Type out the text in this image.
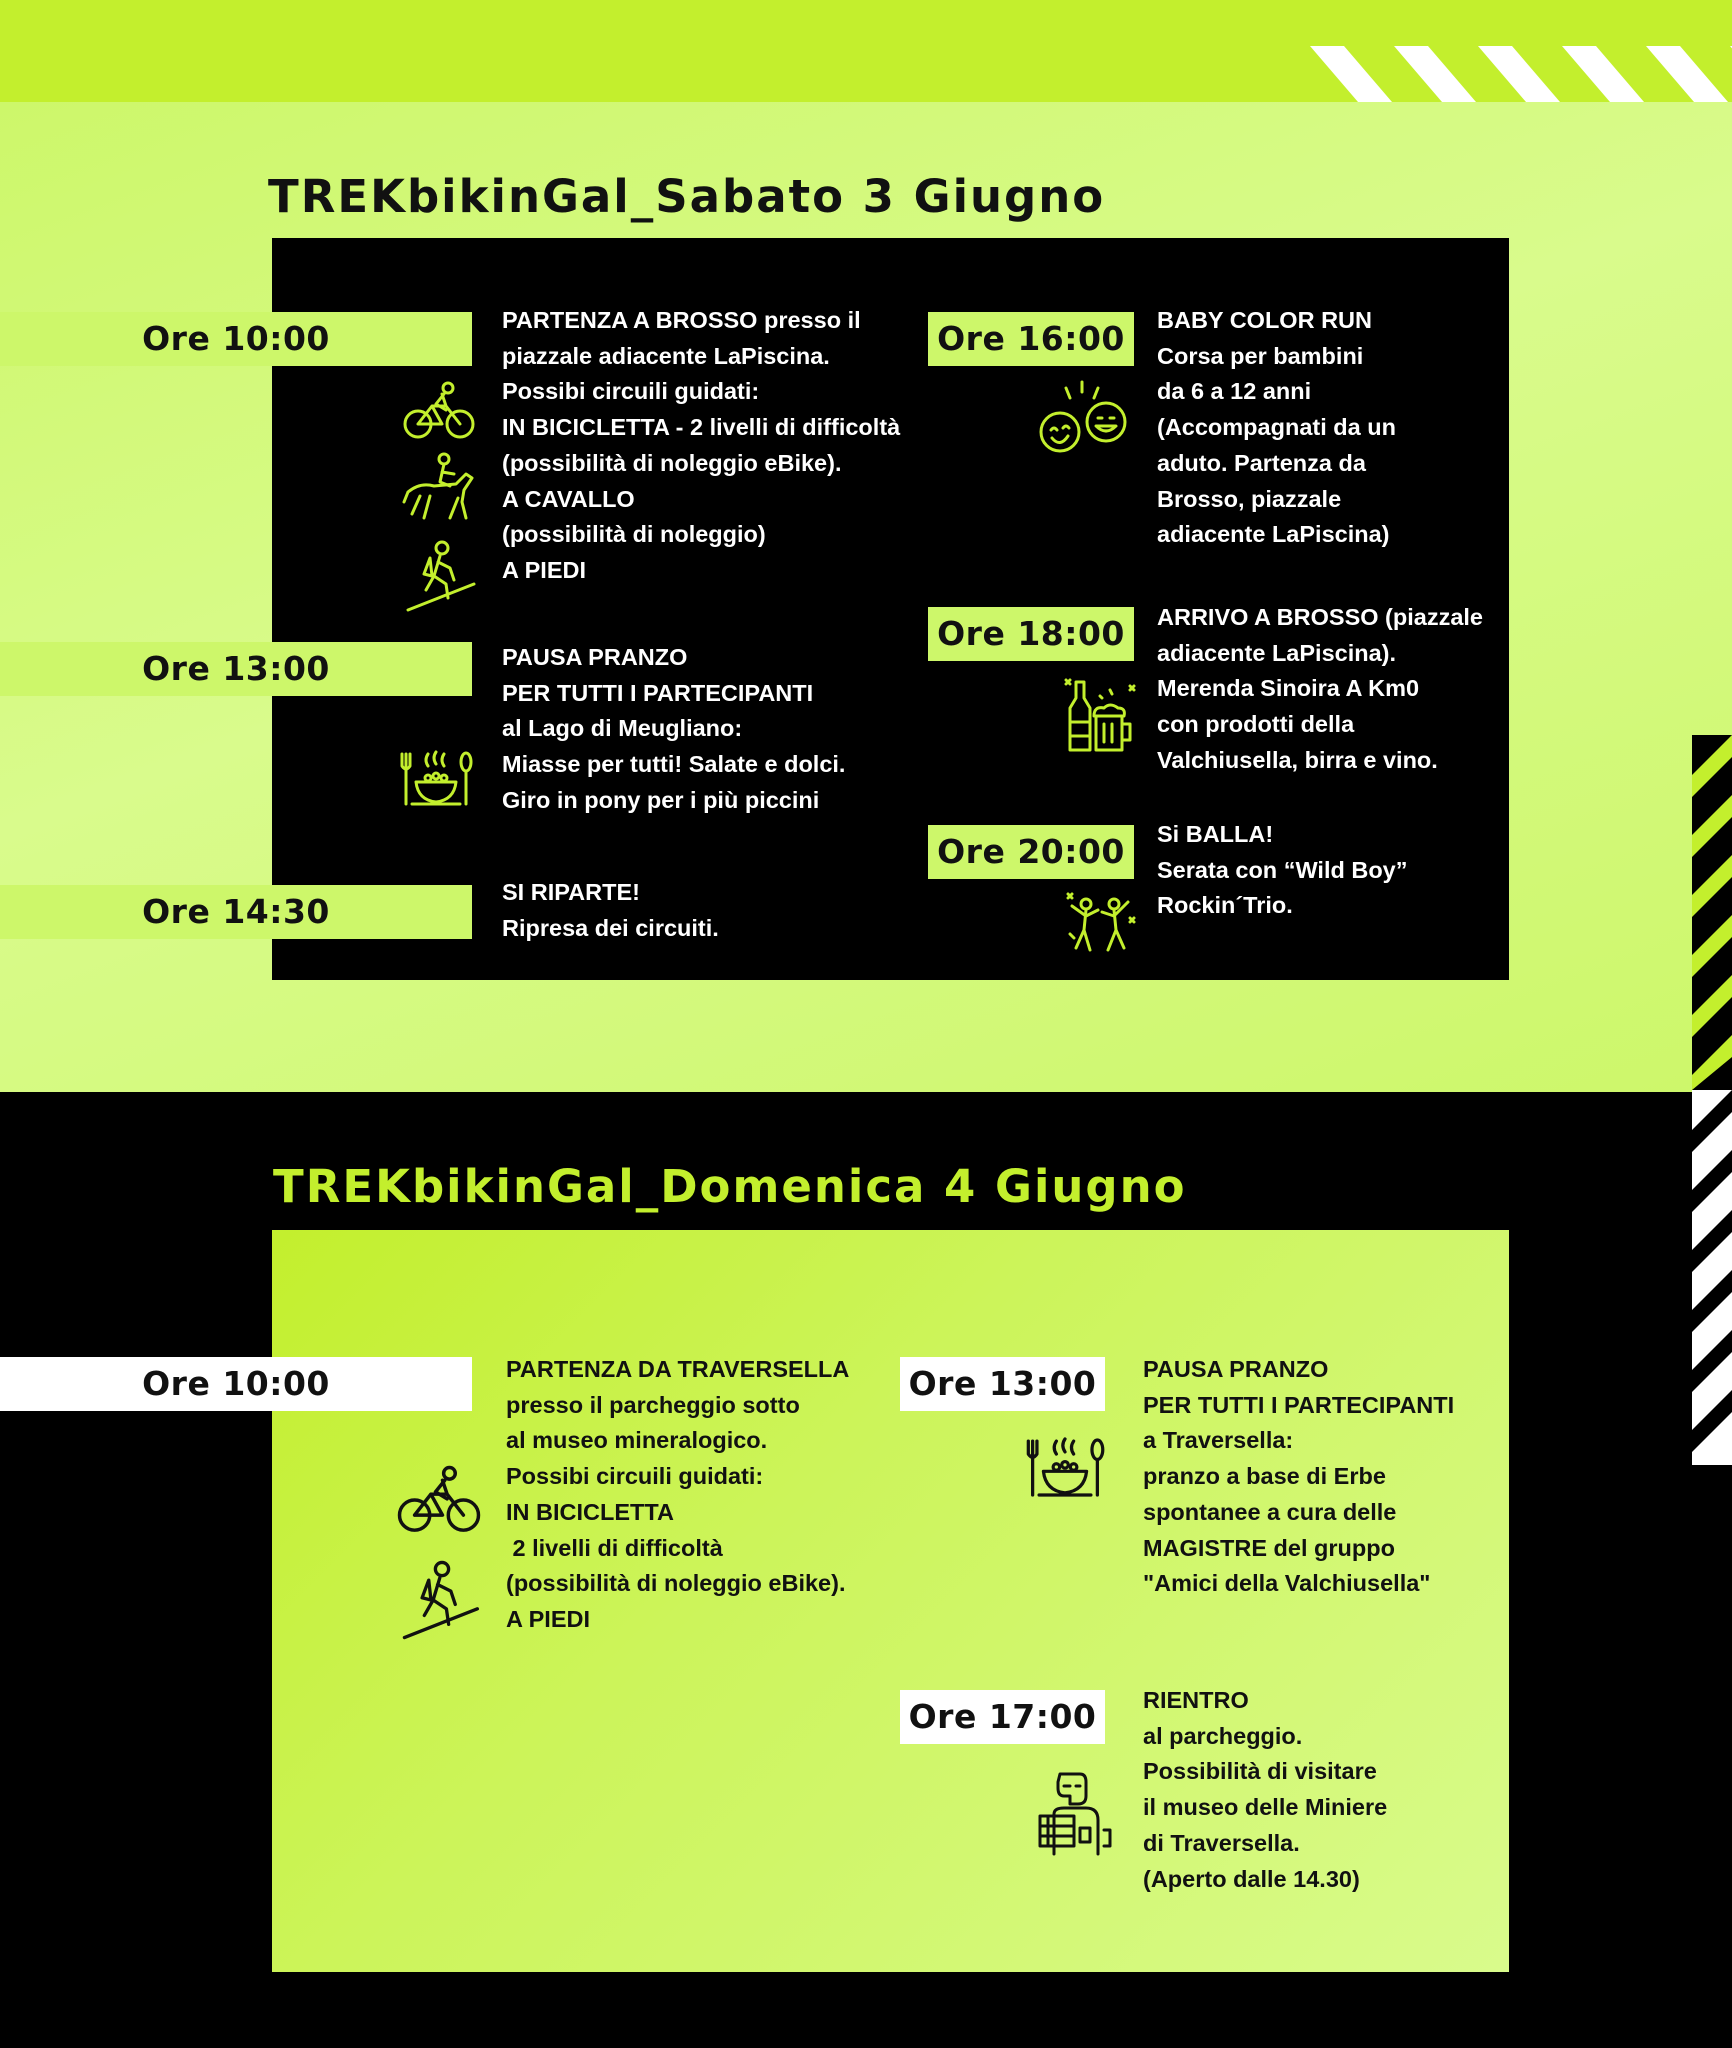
TREKbikinGal_Sabato 3 Giugno
Ore 10:00
Ore 13:00
Ore 14:30
Ore 16:00
Ore 18:00
Ore 20:00
PARTENZA A BROSSO presso il
piazzale adiacente LaPiscina.
Possibi circuili guidati:
IN BICICLETTA - 2 livelli di difficoltà
(possibilità di noleggio eBike).
A CAVALLO
(possibilità di noleggio)
A PIEDI
PAUSA PRANZO
PER TUTTI I PARTECIPANTI
al Lago di Meugliano:
Miasse per tutti! Salate e dolci.
Giro in pony per i più piccini
SI RIPARTE!
Ripresa dei circuiti.
BABY COLOR RUN
Corsa per bambini
da 6 a 12 anni
(Accompagnati da un
aduto. Partenza da
Brosso, piazzale
adiacente LaPiscina)
ARRIVO A BROSSO (piazzale
adiacente LaPiscina).
Merenda Sinoira A Km0
con prodotti della
Valchiusella, birra e vino.
Si BALLA!
Serata con “Wild Boy”
Rockin´Trio.
TREKbikinGal_Domenica 4 Giugno
Ore 10:00	Ore 13:00
Ore 17:00
PARTENZA DA TRAVERSELLA
presso il parcheggio sotto
al museo mineralogico.
Possibi circuili guidati:
IN BICICLETTA
2 livelli di difficoltà
(possibilità di noleggio eBike).
A PIEDI
PAUSA PRANZO
PER TUTTI I PARTECIPANTI
a Traversella:
pranzo a base di Erbe
spontanee a cura delle
MAGISTRE del gruppo
"Amici della Valchiusella"
RIENTRO
al parcheggio.
Possibilità di visitare
il museo delle Miniere
di Traversella.
(Aperto dalle 14.30)
